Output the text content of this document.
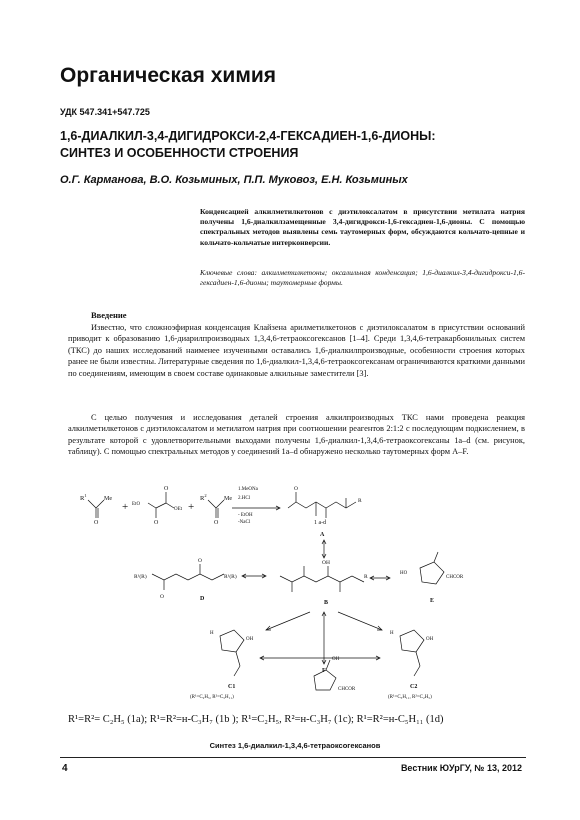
Органическая химия
УДК 547.341+547.725
1,6-ДИАЛКИЛ-3,4-ДИГИДРОКСИ-2,4-ГЕКСАДИЕН-1,6-ДИОНЫ:
СИНТЕЗ И ОСОБЕННОСТИ СТРОЕНИЯ
О.Г. Карманова, В.О. Козьминых, П.П. Муковоз, Е.Н. Козьминых
Конденсацией алкилметилкетонов с диэтилоксалатом в присутствии метилата натрия получены 1,6-диалкилзамещенные 3,4-дигидрокси-1,6-гексадиен-1,6-дионы. С помощью спектральных методов выявлены семь таутомерных форм, обсуждаются кольчато-цепные и кольчато-кольчатые интерконверсии.
Ключевые слова: алкилметилкетоны; оксалильная конденсация; 1,6-диалкил-3,4-дигидрокси-1,6-гексадиен-1,6-дионы; таутомерные формы.
Введение
Известно, что сложноэфирная конденсация Клайзена арилметилкетонов с диэтилоксалатом в присутствии оснований приводит к образованию 1,6-диарилпроизводных 1,3,4,6-тетраоксогексанов [1–4]. Среди 1,3,4,6-тетракарбонильных систем (ТКС) до наших исследований наименее изученными оставались 1,6-диалкилпроизводные, особенности строения которых ранее не были известны. Литературные сведения по 1,6-диалкил-1,3,4,6-тетраоксогексанам ограничиваются краткими данными по соединениям, имеющим в своем составе одинаковые алкильные заместители [3].
С целью получения и исследования деталей строения алкилпроизводных ТКС нами проведена реакция алкилметилкетонов с диэтилоксалатом и метилатом натрия при соотношении реагентов 2:1:2 с последующим подкислением, в результате которой с удовлетворительными выходами получены 1,6-диалкил-1,3,4,6-тетраоксогексаны 1a–d (см. рисунок, таблицу). С помощью спектральных методов у соединений 1a–d обнаружено несколько таутомерных форм A–F.
$R^1$
Me
O
+ EtO
OEt
O
O
+
$R^2$
Me
O
1.MeONa
2.HCl
- EtOH
-NaCl
R
1 a-d
O
A
R¹(R)	R¹(R)
O
O
D
OH
R
B
HO
CHCOR
E
H
OH
C1
(R¹=C₂H₅, R²=C₅H₁₁)
H
OH
C2
(R¹=C₅H₁₁, R²=C₂H₅)
OH
CHCOR
F
R¹=R²= C₂H₅ (1a); R¹=R²=н-C₃H₇ (1b ); R¹=C₂H₅, R²=н-C₃H₇ (1c); R¹=R²=н-C₅H₁₁ (1d)
Синтез 1,6-диалкил-1,3,4,6-тетраоксогексанов
4	Вестник ЮУрГУ, № 13, 2012
